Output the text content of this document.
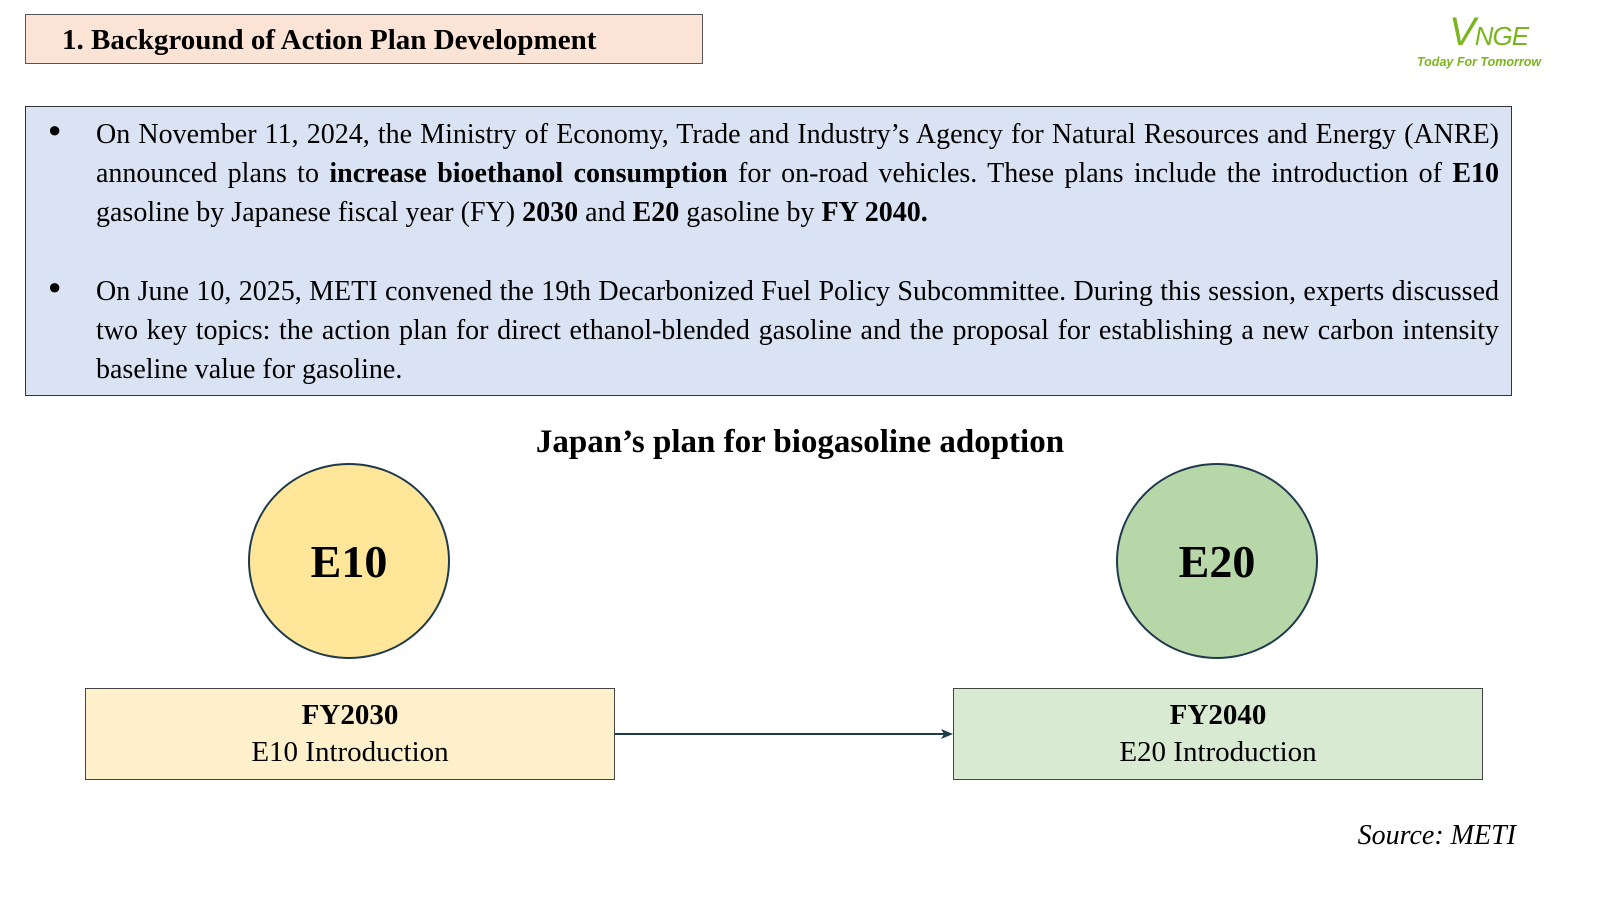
1. Background of Action Plan Development	VNGE
Today For Tomorrow
● On November 11, 2024, the Ministry of Economy, Trade and Industry’s Agency for Natural Resources and Energy (ANRE) announced plans to increase bioethanol consumption for on-road vehicles. These plans include the introduction of E10 gasoline by Japanese fiscal year (FY) 2030 and E20 gasoline by FY 2040.

● On June 10, 2025, METI convened the 19th Decarbonized Fuel Policy Subcommittee. During this session, experts discussed two key topics: the action plan for direct ethanol-blended gasoline and the proposal for establishing a new carbon intensity baseline value for gasoline.

Japan’s plan for biogasoline adoption
E10	E20
FY2030
E10 Introduction
FY2040
E20 Introduction
Source: METI
